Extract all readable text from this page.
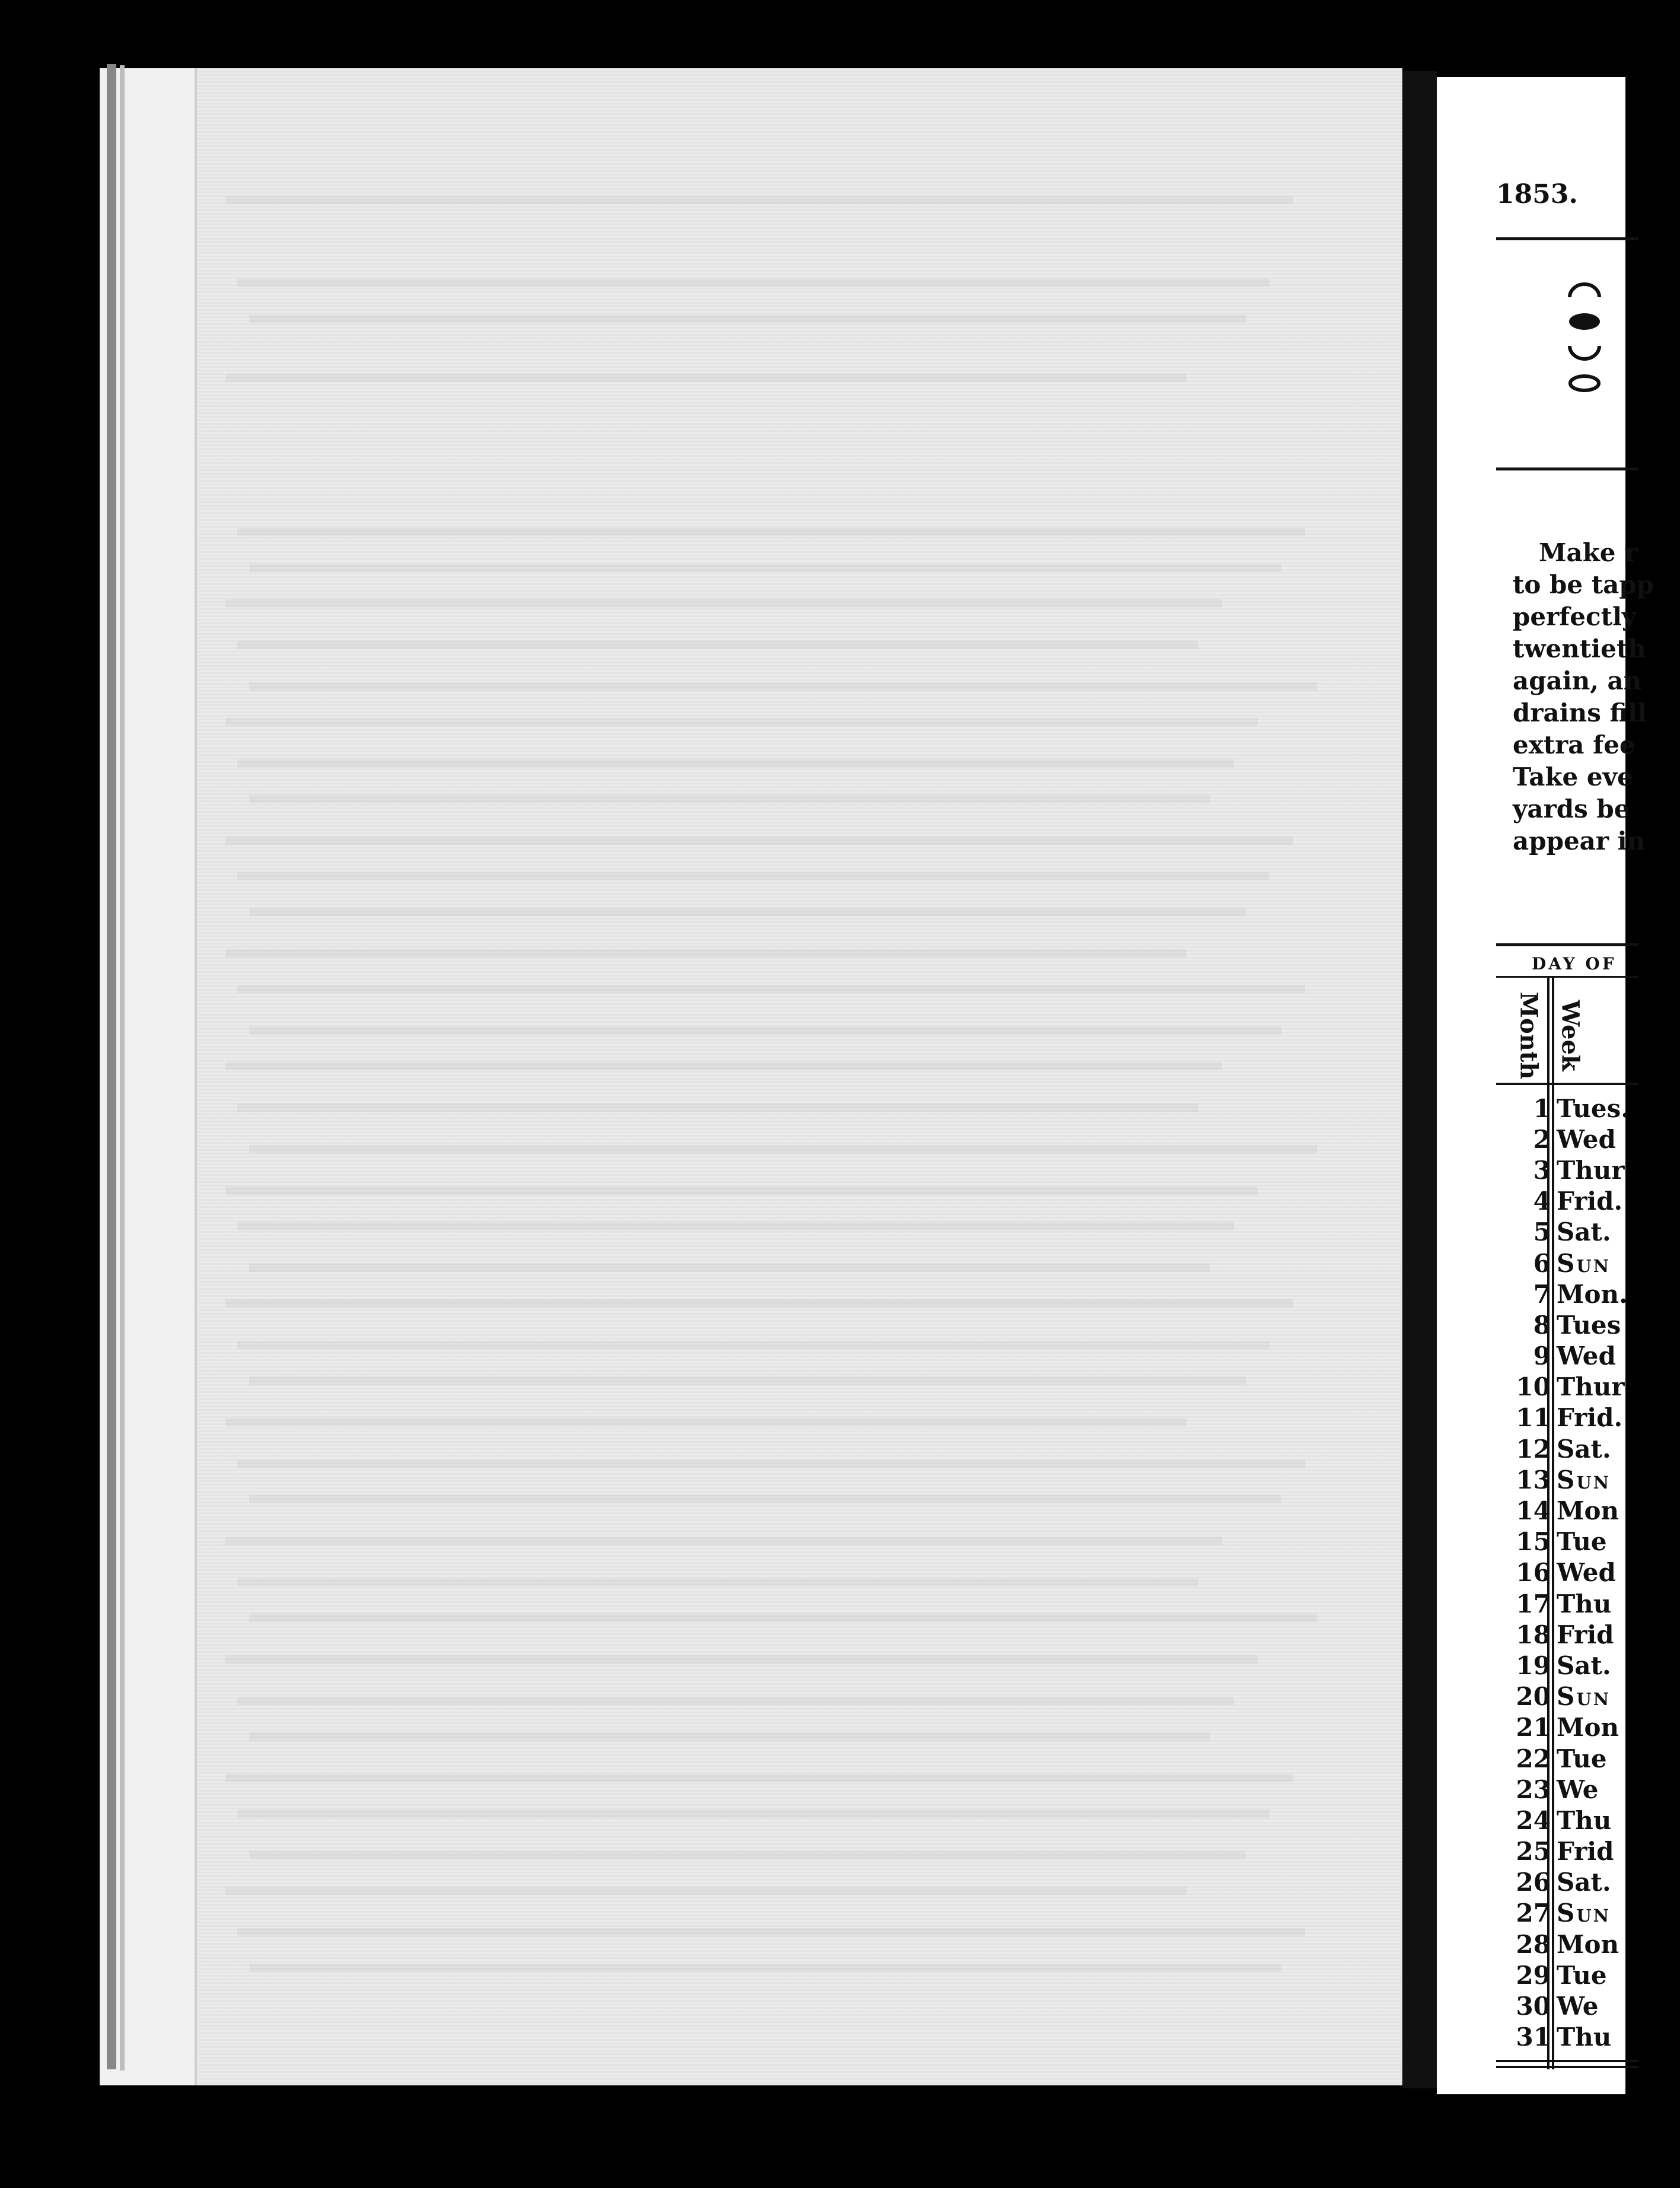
1853.

Make r
to be tapp
perfectly
twentieth
again, an
drains fill
extra fee
Take eve
yards be
appear in
DAY OF
Month Week
1 Tues.
2 Wed
3 Thur
4 Frid.
5 Sat.
6 Sun
7 Mon.
8 Tues
9 Wed
10 Thur
11 Frid.
12 Sat.
13 Sun
14 Mon
15 Tue
16 Wed
17 Thu
18 Frid
19 Sat.
20 Sun
21 Mon
22 Tue
23 We
24 Thu
25 Frid
26 Sat.
27 Sun
28 Mon
29 Tue
30 We
31 Thu
